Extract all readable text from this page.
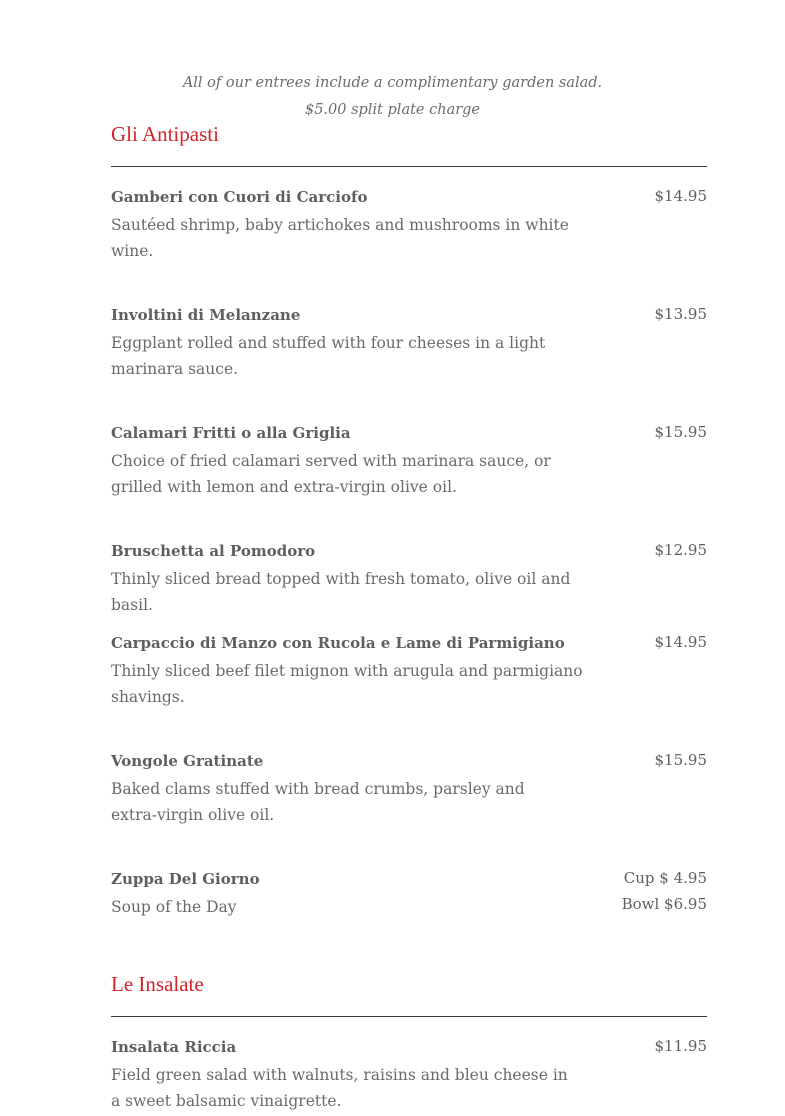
All of our entrees include a complimentary garden salad.
$5.00 split plate charge
Gli Antipasti
Gamberi con Cuori di Carciofo	$14.95
Sautéed shrimp, baby artichokes and mushrooms in white wine.
Involtini di Melanzane	$13.95
Eggplant rolled and stuffed with four cheeses in a light marinara sauce.
Calamari Fritti o alla Griglia	$15.95
Choice of fried calamari served with marinara sauce, or grilled with lemon and extra-virgin olive oil.
Bruschetta al Pomodoro	$12.95
Thinly sliced bread topped with fresh tomato, olive oil and basil.
Carpaccio di Manzo con Rucola e Lame di Parmigiano	$14.95
Thinly sliced beef filet mignon with arugula and parmigiano shavings.
Vongole Gratinate	$15.95
Baked clams stuffed with bread crumbs, parsley and extra-virgin olive oil.
Zuppa Del Giorno	Cup $ 4.95
Bowl $6.95
Soup of the Day
Le Insalate
Insalata Riccia	$11.95
Field green salad with walnuts, raisins and bleu cheese in a sweet balsamic vinaigrette.
